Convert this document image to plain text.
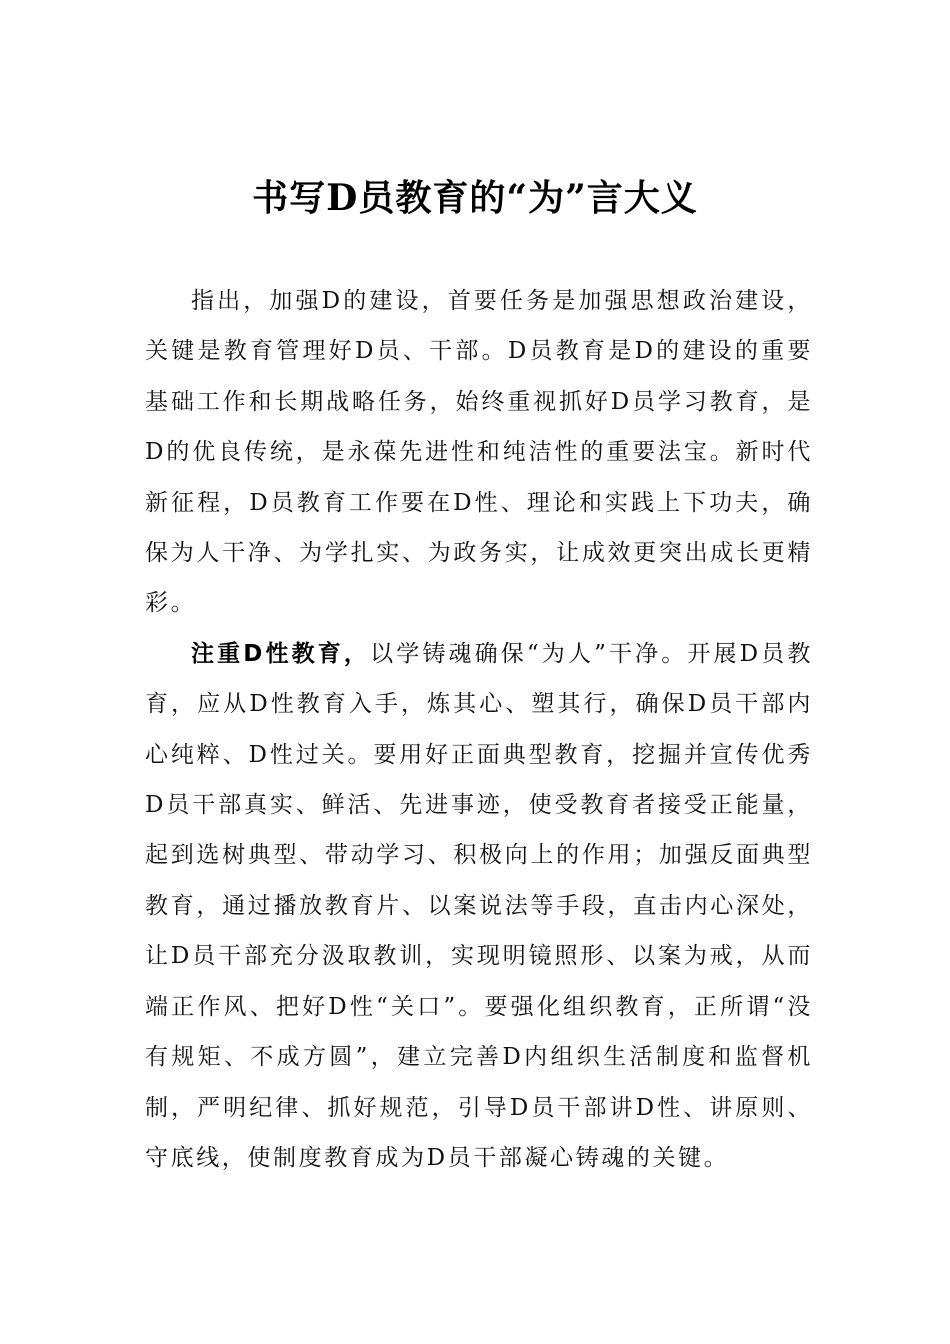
书写D员教育的“为”言大义

指出，加强D的建设，首要任务是加强思想政治建设，关键是教育管理好D员、干部。D员教育是D的建设的重要基础工作和长期战略任务，始终重视抓好D员学习教育，是D的优良传统，是永葆先进性和纯洁性的重要法宝。新时代新征程，D员教育工作要在D性、理论和实践上下功夫，确保为人干净、为学扎实、为政务实，让成效更突出成长更精彩。

注重D性教育，以学铸魂确保“为人”干净。开展D员教育，应从D性教育入手，炼其心、塑其行，确保D员干部内心纯粹、D性过关。要用好正面典型教育，挖掘并宣传优秀D员干部真实、鲜活、先进事迹，使受教育者接受正能量，起到选树典型、带动学习、积极向上的作用；加强反面典型教育，通过播放教育片、以案说法等手段，直击内心深处，让D员干部充分汲取教训，实现明镜照形、以案为戒，从而端正作风、把好D性“关口”。要强化组织教育，正所谓“没有规矩、不成方圆”，建立完善D内组织生活制度和监督机制，严明纪律、抓好规范，引导D员干部讲D性、讲原则、守底线，使制度教育成为D员干部凝心铸魂的关键。
